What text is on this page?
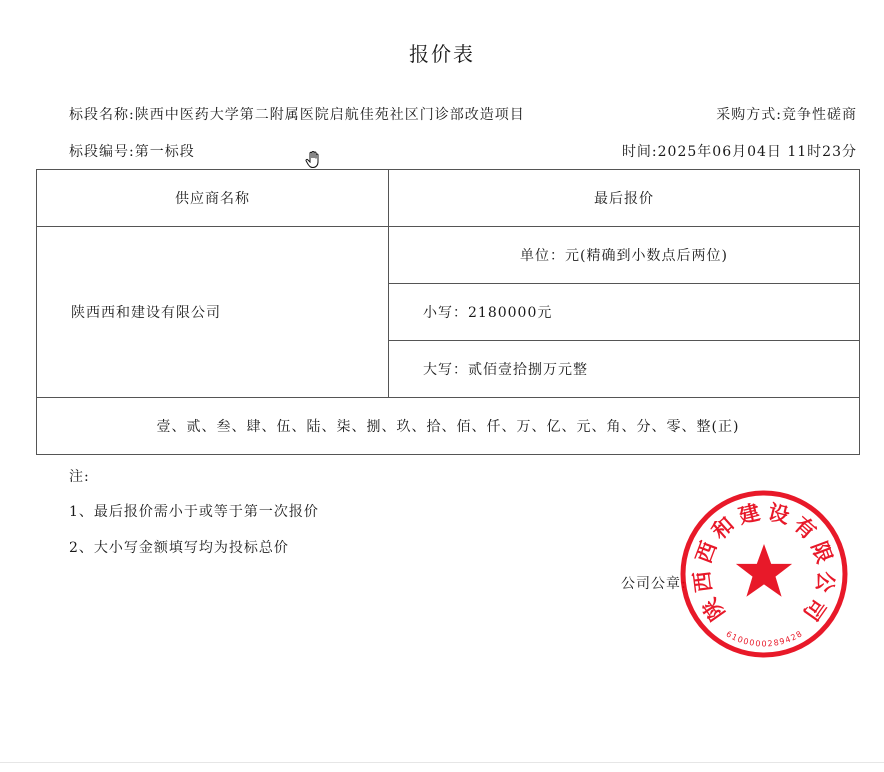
报价表
标段名称:陕西中医药大学第二附属医院启航佳苑社区门诊部改造项目	采购方式:竞争性磋商
标段编号:第一标段	时间:2025年06月04日 11时23分
供应商名称	最后报价
陕西西和建设有限公司	单位：元(精确到小数点后两位)
	小写：2180000元
	大写：贰佰壹拾捌万元整
壹、贰、叁、肆、伍、陆、柒、捌、玖、拾、佰、仟、万、亿、元、角、分、零、整(正)	
注:
1、最后报价需小于或等于第一次报价
2、大小写金额填写均为投标总价
公司公章:
陕
西
西
和
建 设
有
限
公
司
6
1
0
0
0 0 0 2 8
9
4
2
8
